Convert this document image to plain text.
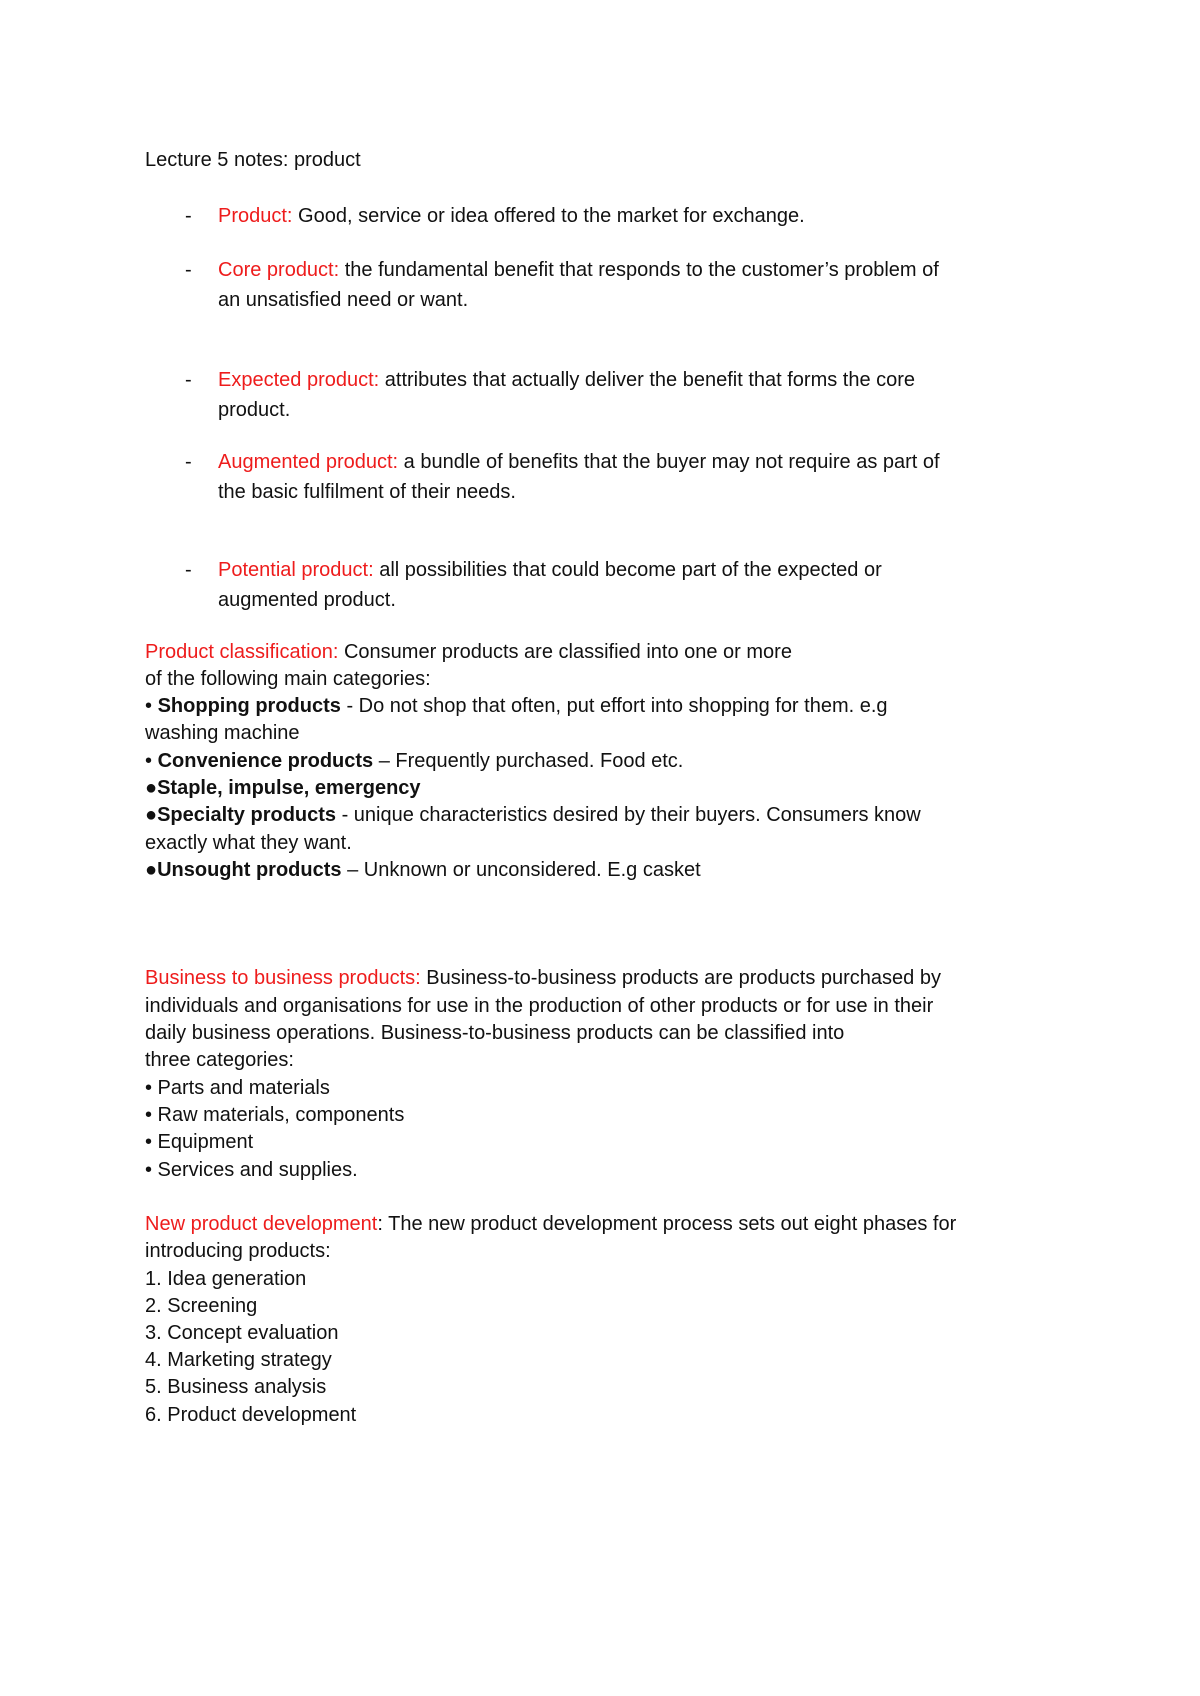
Lecture 5 notes: product
- Product: Good, service or idea offered to the market for exchange.
- Core product: the fundamental benefit that responds to the customer’s problem of
an unsatisfied need or want.
- Expected product: attributes that actually deliver the benefit that forms the core
product.
- Augmented product: a bundle of benefits that the buyer may not require as part of
the basic fulfilment of their needs.
- Potential product: all possibilities that could become part of the expected or
augmented product.
Product classification: Consumer products are classified into one or more
of the following main categories:
• Shopping products - Do not shop that often, put effort into shopping for them. e.g
washing machine
• Convenience products – Frequently purchased. Food etc.
●Staple, impulse, emergency
●Specialty products - unique characteristics desired by their buyers. Consumers know
exactly what they want.
●Unsought products – Unknown or unconsidered. E.g casket
Business to business products: Business-to-business products are products purchased by
individuals and organisations for use in the production of other products or for use in their
daily business operations. Business-to-business products can be classified into
three categories:
• Parts and materials
• Raw materials, components
• Equipment
• Services and supplies.
New product development: The new product development process sets out eight phases for
introducing products:
1. Idea generation
2. Screening
3. Concept evaluation
4. Marketing strategy
5. Business analysis
6. Product development
